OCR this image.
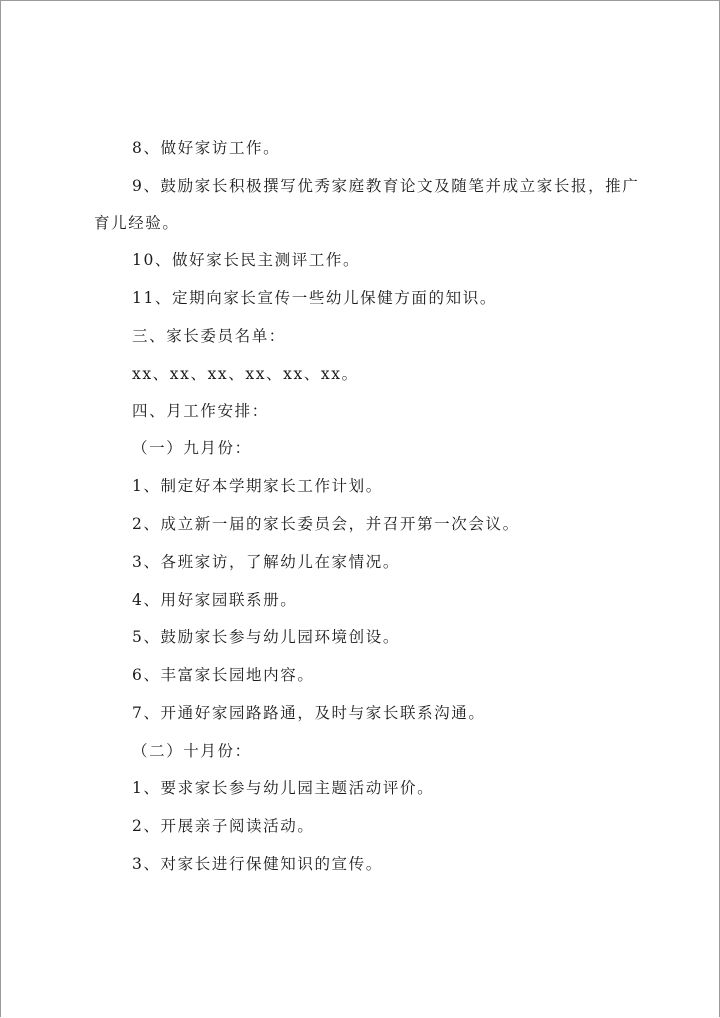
8、做好家访工作。
9、鼓励家长积极撰写优秀家庭教育论文及随笔并成立家长报，推广
育儿经验。
10、做好家长民主测评工作。
11、定期向家长宣传一些幼儿保健方面的知识。
三、家长委员名单：
xx、xx、xx、xx、xx、xx。
四、月工作安排：
（一）九月份：
1、制定好本学期家长工作计划。
2、成立新一届的家长委员会，并召开第一次会议。
3、各班家访，了解幼儿在家情况。
4、用好家园联系册。
5、鼓励家长参与幼儿园环境创设。
6、丰富家长园地内容。
7、开通好家园路路通，及时与家长联系沟通。
（二）十月份：
1、要求家长参与幼儿园主题活动评价。
2、开展亲子阅读活动。
3、对家长进行保健知识的宣传。
